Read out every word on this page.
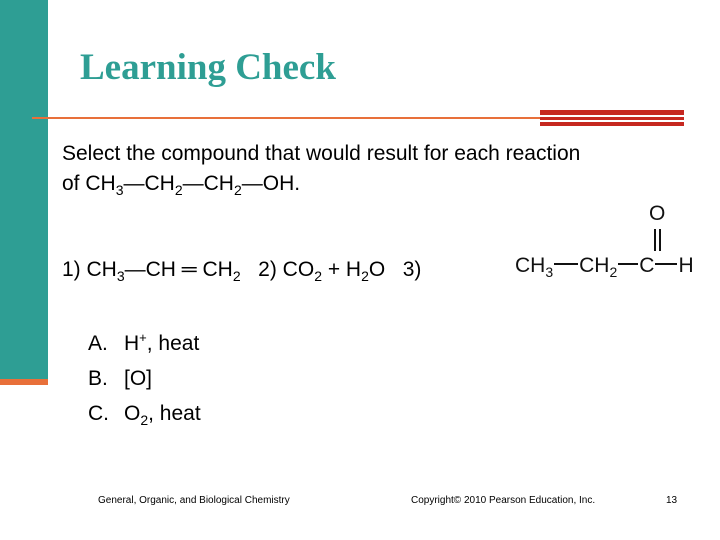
Learning Check
Select the compound that would result for each reaction
of $CH_3—CH_2—CH_2—OH$.
1) $CH_3—CH$ ═ $CH_2$ 2) $CO_2 + H_2O$ 3)
O
$CH_3$ $CH_2$ C H
A. H+, heat
B. [O]
C. $O_2$, heat
General, Organic, and Biological Chemistry	Copyright© 2010 Pearson Education, Inc.	13
